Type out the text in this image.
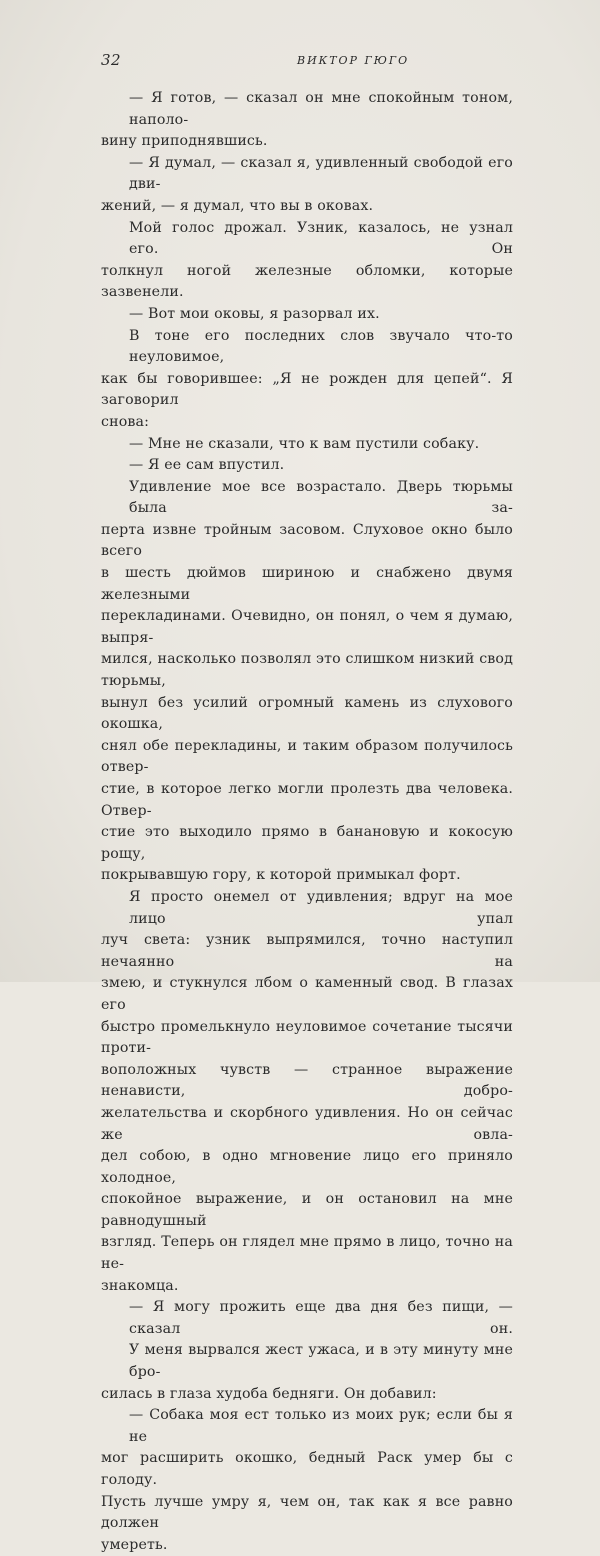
32	ВИКТОР ГЮГО
— Я готов, — сказал он мне спокойным тоном, наполо-вину приподнявшись.— Я думал, — сказал я, удивленный свободой его дви-жений, — я думал, что вы в оковах.Мой голос дрожал. Узник, казалось, не узнал его. Онтолкнул ногой железные обломки, которые зазвенели.— Вот мои оковы, я разорвал их.В тоне его последних слов звучало что-то неуловимое,как бы говорившее: „Я не рожден для цепей“. Я заговорилснова:— Мне не сказали, что к вам пустили собаку.— Я ее сам впустил.Удивление мое все возрастало. Дверь тюрьмы была за-перта извне тройным засовом. Слуховое окно было всегов шесть дюймов шириною и снабжено двумя железнымиперекладинами. Очевидно, он понял, о чем я думаю, выпря-мился, насколько позволял это слишком низкий свод тюрьмы,вынул без усилий огромный камень из слухового окошка,снял обе перекладины, и таким образом получилось отвер-стие, в которое легко могли пролезть два человека. Отвер-стие это выходило прямо в банановую и кокосую рощу,покрывавшую гору, к которой примыкал форт.Я просто онемел от удивления; вдруг на мое лицо упаллуч света: узник выпрямился, точно наступил нечаянно назмею, и стукнулся лбом о каменный свод. В глазах егобыстро промелькнуло неуловимое сочетание тысячи проти-воположных чувств — странное выражение ненависти, добро-желательства и скорбного удивления. Но он сейчас же овла-дел собою, в одно мгновение лицо его приняло холодное,спокойное выражение, и он остановил на мне равнодушныйвзгляд. Теперь он глядел мне прямо в лицо, точно на не-знакомца.— Я могу прожить еще два дня без пищи, — сказал он.У меня вырвался жест ужаса, и в эту минуту мне бро-силась в глаза худоба бедняги. Он добавил:— Собака моя ест только из моих рук; если бы я немог расширить окошко, бедный Раск умер бы с голоду.Пусть лучше умру я, чем он, так как я все равно долженумереть.
